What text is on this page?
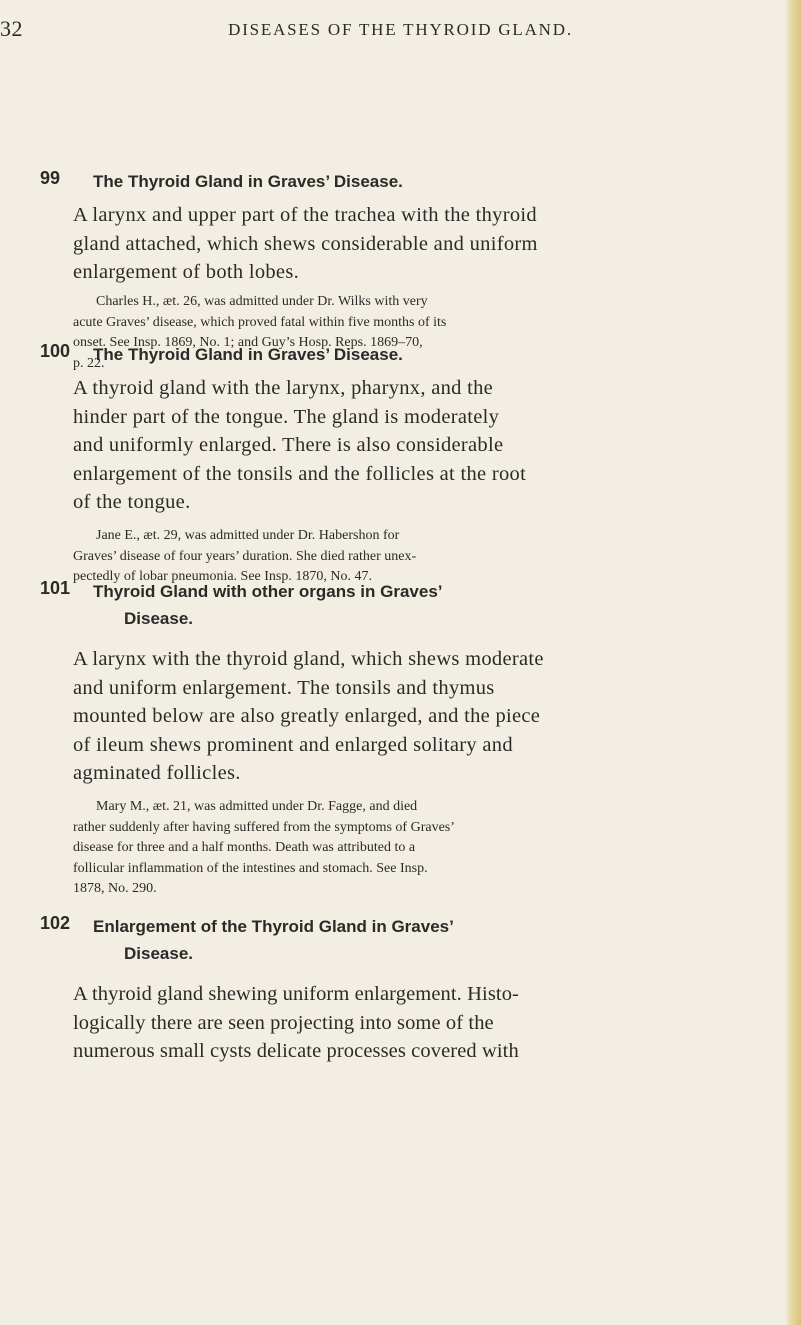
32	DISEASES OF THE THYROID GLAND.
99 The Thyroid Gland in Graves’ Disease.

A larynx and upper part of the trachea with the thyroid
gland attached, which shews considerable and uniform
enlargement of both lobes.

Charles H., æt. 26, was admitted under Dr. Wilks with very
acute Graves’ disease, which proved fatal within five months of its
onset. See Insp. 1869, No. 1; and Guy’s Hosp. Reps. 1869–70,
p. 22.

100 The Thyroid Gland in Graves’ Disease.

A thyroid gland with the larynx, pharynx, and the
hinder part of the tongue. The gland is moderately
and uniformly enlarged. There is also considerable
enlargement of the tonsils and the follicles at the root
of the tongue.

Jane E., æt. 29, was admitted under Dr. Habershon for
Graves’ disease of four years’ duration. She died rather unex-
pectedly of lobar pneumonia. See Insp. 1870, No. 47.

101 Thyroid Gland with other organs in Graves’
Disease.

A larynx with the thyroid gland, which shews moderate
and uniform enlargement. The tonsils and thymus
mounted below are also greatly enlarged, and the piece
of ileum shews prominent and enlarged solitary and
agminated follicles.

Mary M., æt. 21, was admitted under Dr. Fagge, and died
rather suddenly after having suffered from the symptoms of Graves’
disease for three and a half months. Death was attributed to a
follicular inflammation of the intestines and stomach. See Insp.
1878, No. 290.

102 Enlargement of the Thyroid Gland in Graves’
Disease.

A thyroid gland shewing uniform enlargement. Histo-
logically there are seen projecting into some of the
numerous small cysts delicate processes covered with
